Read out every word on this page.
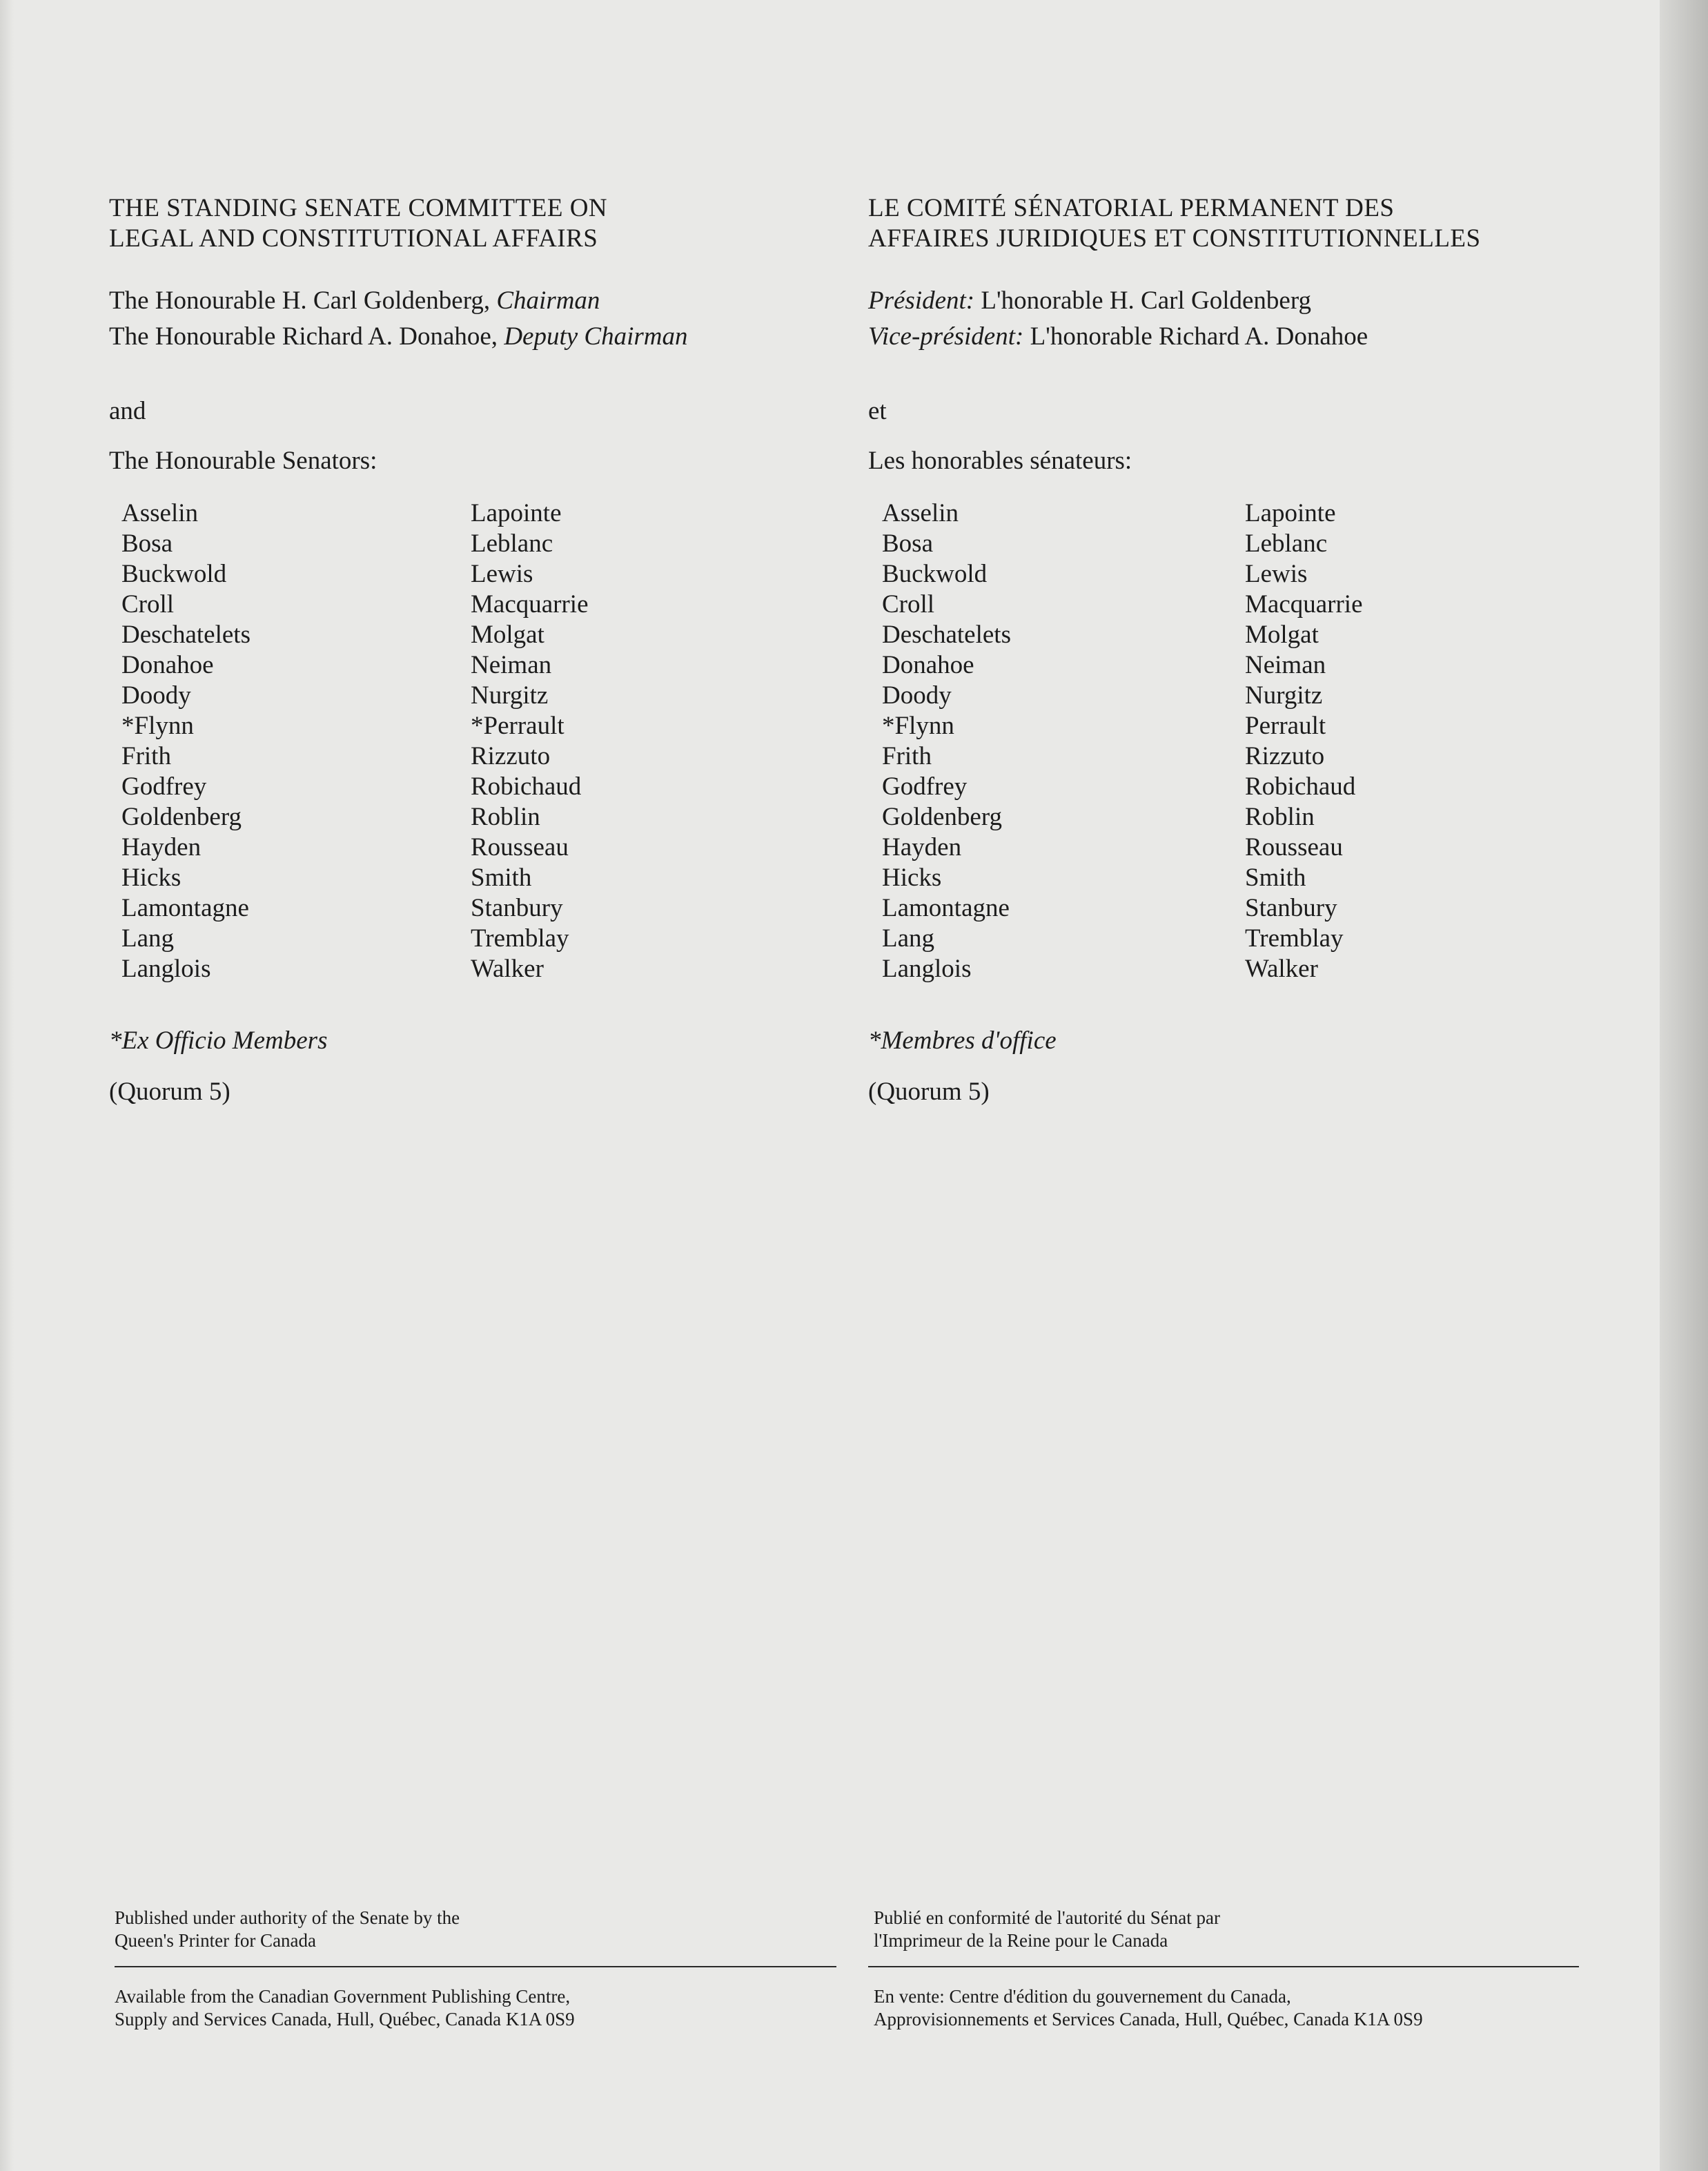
THE STANDING SENATE COMMITTEE ON
LEGAL AND CONSTITUTIONAL AFFAIRS
The Honourable H. Carl Goldenberg, Chairman
The Honourable Richard A. Donahoe, Deputy Chairman
and
The Honourable Senators:
Asselin
Bosa
Buckwold
Croll
Deschatelets
Donahoe
Doody
*Flynn
Frith
Godfrey
Goldenberg
Hayden
Hicks
Lamontagne
Lang
Langlois
Lapointe
Leblanc
Lewis
Macquarrie
Molgat
Neiman
Nurgitz
*Perrault
Rizzuto
Robichaud
Roblin
Rousseau
Smith
Stanbury
Tremblay
Walker
*Ex Officio Members
(Quorum 5)
Published under authority of the Senate by the
Queen's Printer for Canada
Available from the Canadian Government Publishing Centre,
Supply and Services Canada, Hull, Québec, Canada K1A 0S9
LE COMITÉ SÉNATORIAL PERMANENT DES
AFFAIRES JURIDIQUES ET CONSTITUTIONNELLES
Président: L'honorable H. Carl Goldenberg
Vice-président: L'honorable Richard A. Donahoe
et
Les honorables sénateurs:
Asselin
Bosa
Buckwold
Croll
Deschatelets
Donahoe
Doody
*Flynn
Frith
Godfrey
Goldenberg
Hayden
Hicks
Lamontagne
Lang
Langlois
Lapointe
Leblanc
Lewis
Macquarrie
Molgat
Neiman
Nurgitz
Perrault
Rizzuto
Robichaud
Roblin
Rousseau
Smith
Stanbury
Tremblay
Walker
*Membres d'office
(Quorum 5)
Publié en conformité de l'autorité du Sénat par
l'Imprimeur de la Reine pour le Canada
En vente: Centre d'édition du gouvernement du Canada,
Approvisionnements et Services Canada, Hull, Québec, Canada K1A 0S9
